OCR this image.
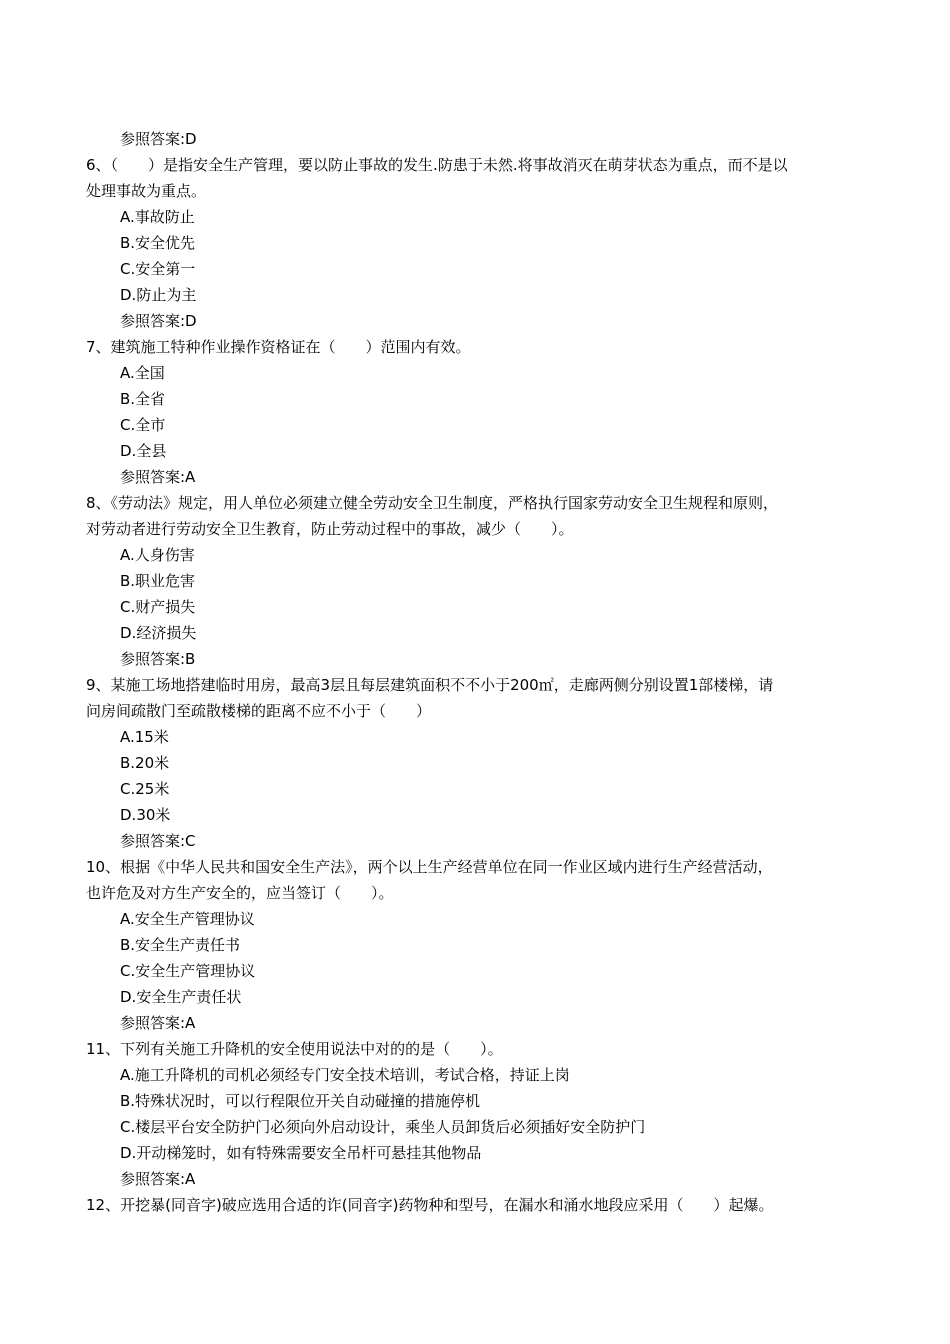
参照答案:D
6、（　　）是指安全生产管理，要以防止事故的发生.防患于未然.将事故消灭在萌芽状态为重点，而不是以
处理事故为重点。
A.事故防止
B.安全优先
C.安全第一
D.防止为主
参照答案:D
7、建筑施工特种作业操作资格证在（　　）范围内有效。
A.全国
B.全省
C.全市
D.全县
参照答案:A
8、《劳动法》规定，用人单位必须建立健全劳动安全卫生制度，严格执行国家劳动安全卫生规程和原则，
对劳动者进行劳动安全卫生教育，防止劳动过程中的事故，减少（　　）。
A.人身伤害
B.职业危害
C.财产损失
D.经济损失
参照答案:B
9、某施工场地搭建临时用房，最高3层且每层建筑面积不不小于200㎡，走廊两侧分别设置1部楼梯，请
问房间疏散门至疏散楼梯的距离不应不小于（　　）
A.15米
B.20米
C.25米
D.30米
参照答案:C
10、根据《中华人民共和国安全生产法》，两个以上生产经营单位在同一作业区域内进行生产经营活动，
也许危及对方生产安全的，应当签订（　　）。
A.安全生产管理协议
B.安全生产责任书
C.安全生产管理协议
D.安全生产责任状
参照答案:A
11、下列有关施工升降机的安全使用说法中对的的是（　　）。
A.施工升降机的司机必须经专门安全技术培训，考试合格，持证上岗
B.特殊状况时，可以行程限位开关自动碰撞的措施停机
C.楼层平台安全防护门必须向外启动设计，乘坐人员卸货后必须插好安全防护门
D.开动梯笼时，如有特殊需要安全吊杆可悬挂其他物品
参照答案:A
12、开挖暴(同音字)破应选用合适的诈(同音字)药物种和型号，在漏水和涌水地段应采用（　　）起爆。
